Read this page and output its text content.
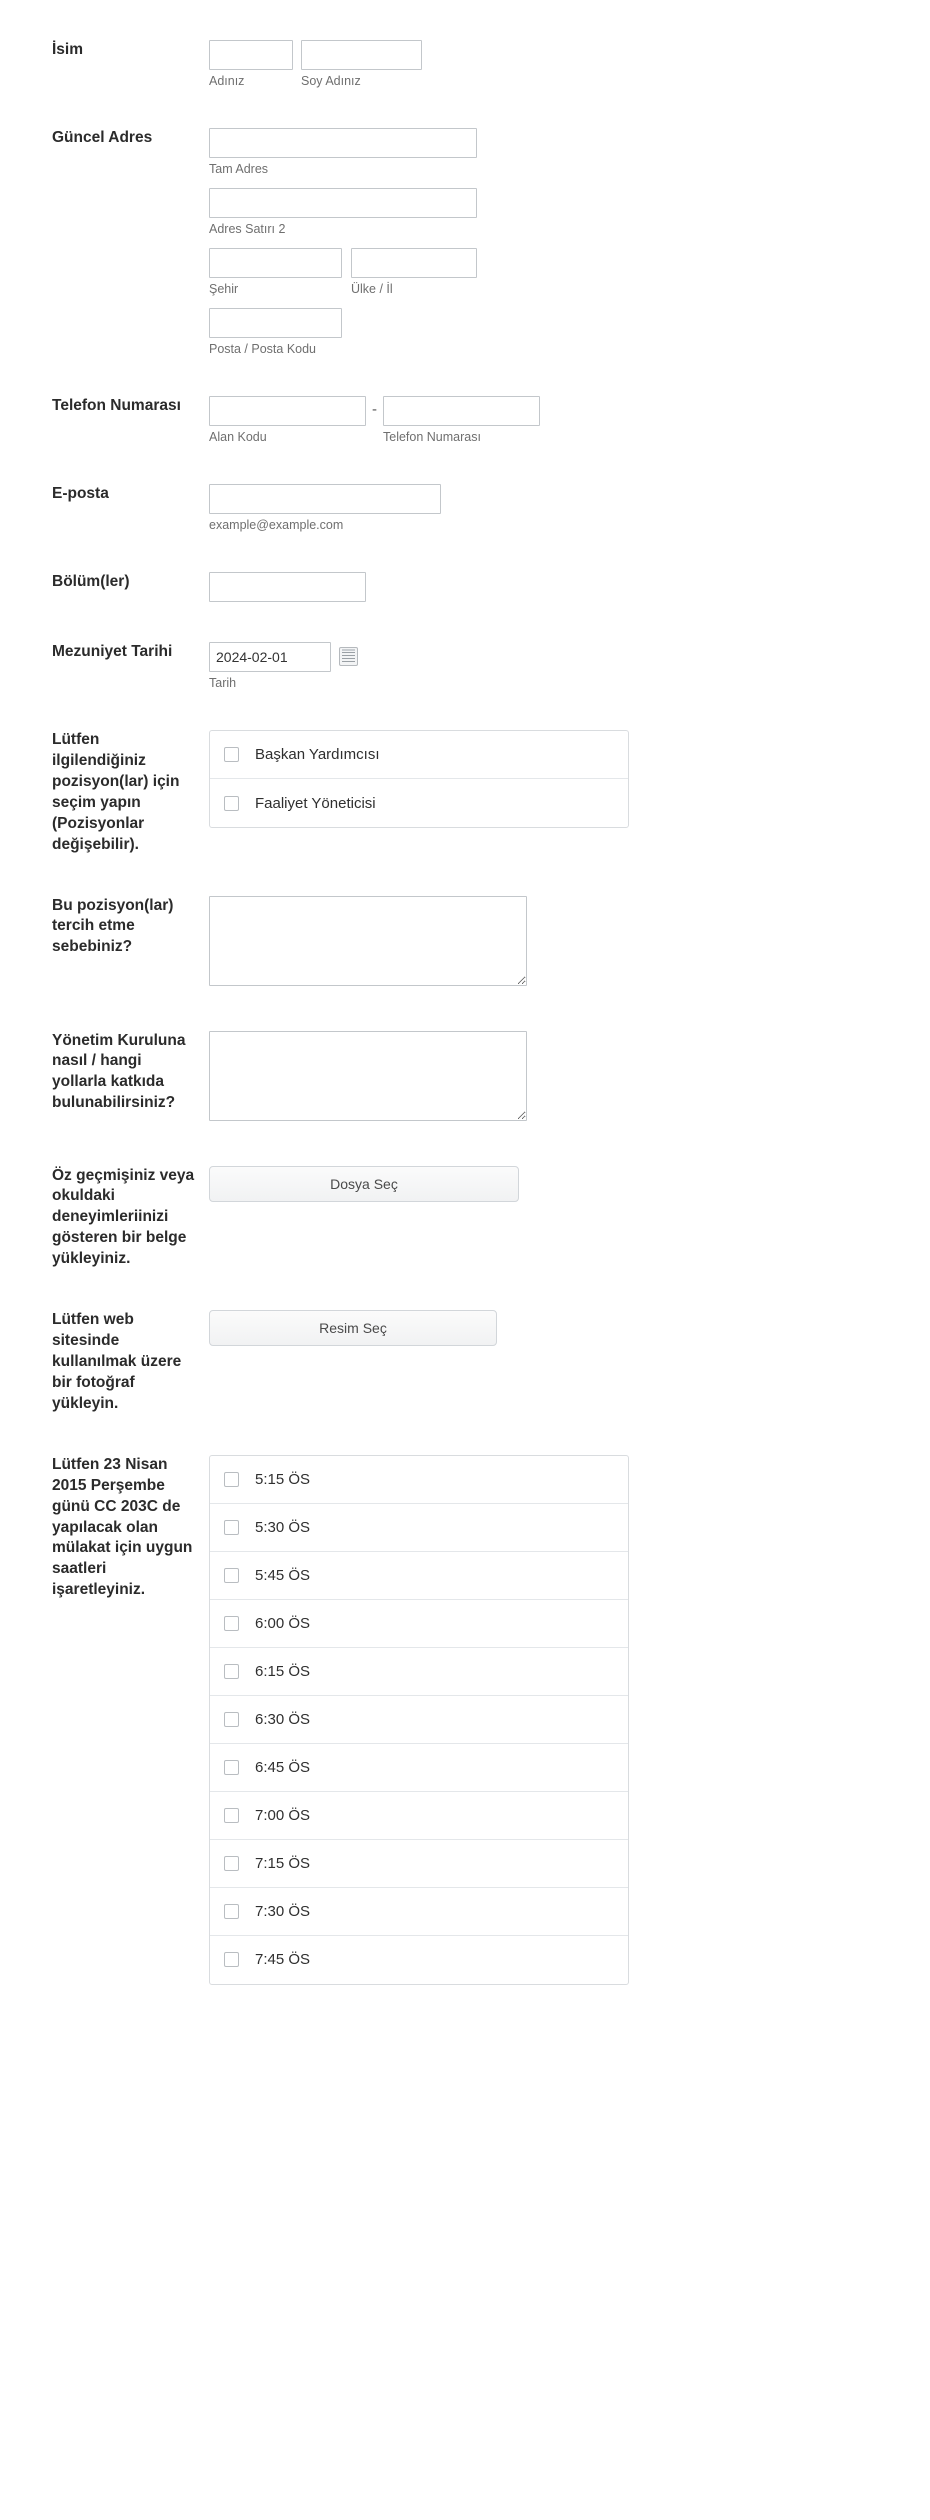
İsim
Adınız	Soy Adınız
Güncel Adres
Tam Adres
Adres Satırı 2
Şehir	Ülke / İl
Posta / Posta Kodu
Telefon Numarası
Alan Kodu
-
Telefon Numarası
E-posta
example@example.com
Bölüm(ler)
Mezuniyet Tarihi
2024-02-01
Tarih
Lütfen ilgilendiğiniz pozisyon(lar) için seçim yapın (Pozisyonlar değişebilir).
Başkan Yardımcısı
Faaliyet Yöneticisi
Bu pozisyon(lar) tercih etme sebebiniz?
Yönetim Kuruluna nasıl / hangi yollarla katkıda bulunabilirsiniz?
Öz geçmişiniz veya okuldaki deneyimleriinizi gösteren bir belge yükleyiniz.
Dosya Seç
Lütfen web sitesinde kullanılmak üzere bir fotoğraf yükleyin.
Resim Seç
Lütfen 23 Nisan 2015 Perşembe günü CC 203C de yapılacak olan mülakat için uygun saatleri işaretleyiniz.
5:15 ÖS
5:30 ÖS
5:45 ÖS
6:00 ÖS
6:15 ÖS
6:30 ÖS
6:45 ÖS
7:00 ÖS
7:15 ÖS
7:30 ÖS
7:45 ÖS
